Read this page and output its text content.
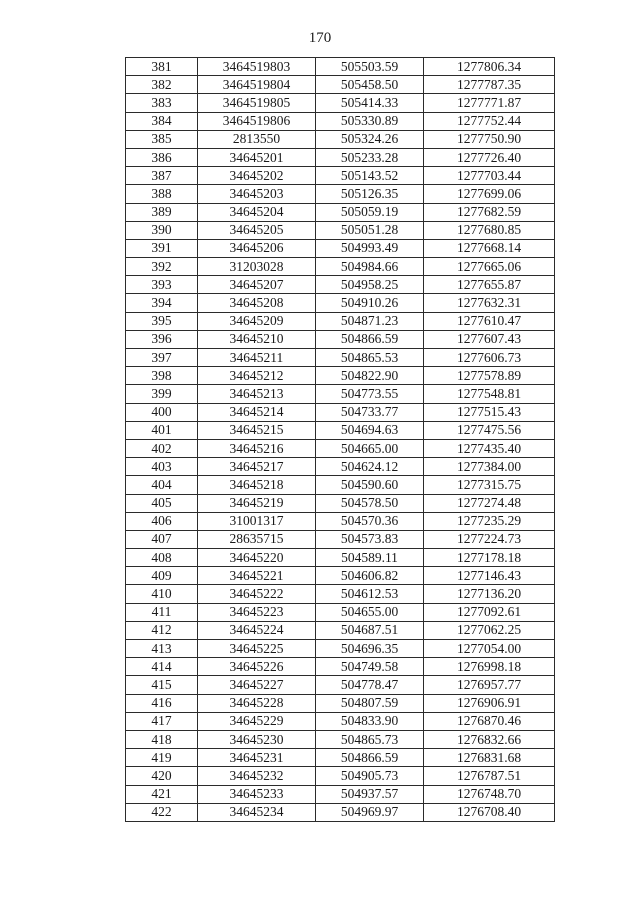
170
381	3464519803	505503.59	1277806.34
382	3464519804	505458.50	1277787.35
383	3464519805	505414.33	1277771.87
384	3464519806	505330.89	1277752.44
385	2813550	505324.26	1277750.90
386	34645201	505233.28	1277726.40
387	34645202	505143.52	1277703.44
388	34645203	505126.35	1277699.06
389	34645204	505059.19	1277682.59
390	34645205	505051.28	1277680.85
391	34645206	504993.49	1277668.14
392	31203028	504984.66	1277665.06
393	34645207	504958.25	1277655.87
394	34645208	504910.26	1277632.31
395	34645209	504871.23	1277610.47
396	34645210	504866.59	1277607.43
397	34645211	504865.53	1277606.73
398	34645212	504822.90	1277578.89
399	34645213	504773.55	1277548.81
400	34645214	504733.77	1277515.43
401	34645215	504694.63	1277475.56
402	34645216	504665.00	1277435.40
403	34645217	504624.12	1277384.00
404	34645218	504590.60	1277315.75
405	34645219	504578.50	1277274.48
406	31001317	504570.36	1277235.29
407	28635715	504573.83	1277224.73
408	34645220	504589.11	1277178.18
409	34645221	504606.82	1277146.43
410	34645222	504612.53	1277136.20
411	34645223	504655.00	1277092.61
412	34645224	504687.51	1277062.25
413	34645225	504696.35	1277054.00
414	34645226	504749.58	1276998.18
415	34645227	504778.47	1276957.77
416	34645228	504807.59	1276906.91
417	34645229	504833.90	1276870.46
418	34645230	504865.73	1276832.66
419	34645231	504866.59	1276831.68
420	34645232	504905.73	1276787.51
421	34645233	504937.57	1276748.70
422	34645234	504969.97	1276708.40
